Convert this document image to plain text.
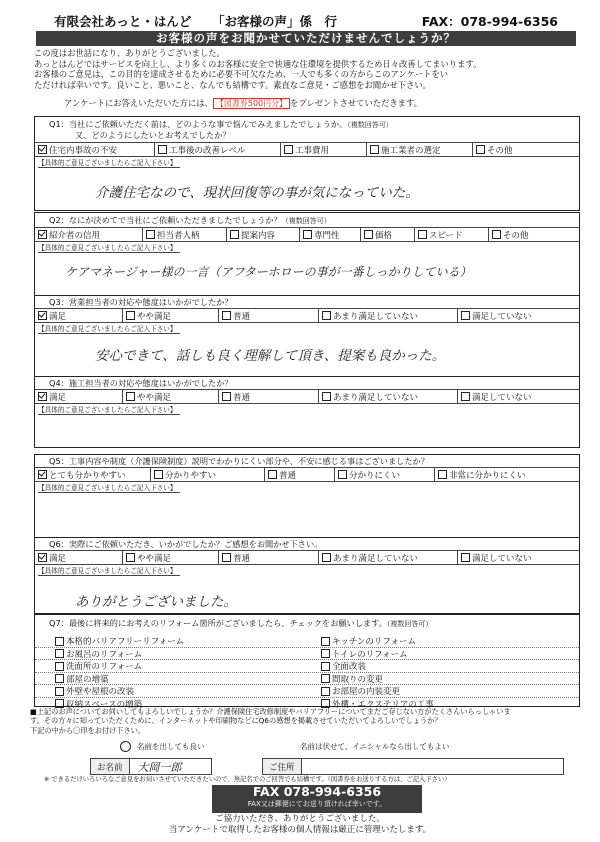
有限会社あっと・はんど 「お客様の声」係　行	FAX：078-994-6356
お客様の声をお聞かせていただけませんでしょうか？
この度はお世話になり、ありがとうございました。
あっとはんどではサービスを向上し、より多くのお客様に安全で快適な住環境を提供するため日々改善してまいります。
お客様のご意見は、この目的を達成させるために必要不可欠なため、一人でも多くの方からこのアンケートをい
ただければ幸いです。良いこと、悪いこと、なんでも結構です。素直なご意見・ご感想をお聞かせ下さい。
アンケートにお答えいただいた方には、 【図書券500円分】 をプレゼントさせていただきます。
Q1：当社にご依頼いただく前は、どのような事で悩んでみえましたでしょうか。（複数回答可）
又、どのようにしたいとお考えでしたか？
住宅内事故の不安	工事後の改善レベル	工事費用	施工業者の選定	その他
【具体的ご意見ございましたらご記入下さい】
介護住宅なので、現状回復等の事が気になっていた。
Q2：なにが決めてで当社にご依頼いただきましたでしょうか？（複数回答可）
紹介者の信用	担当者人柄	提案内容	専門性	価格	スピード	その他
【具体的ご意見ございましたらご記入下さい】
ケアマネージャー様の一言（アフターホローの事が一番しっかりしている）
Q3：営業担当者の対応や態度はいかがでしたか？
満足	やや満足	普通	あまり満足していない	満足していない
【具体的ご意見ございましたらご記入下さい】
安心できて、話しも良く理解して頂き、提案も良かった。
Q4：施工担当者の対応や態度はいかがでしたか？
満足	やや満足	普通	あまり満足していない	満足していない
【具体的ご意見ございましたらご記入下さい】
Q5：工事内容や制度（介護保険制度）説明でわかりにくい部分や、不安に感じる事はございましたか？
とても分かりやすい	分かりやすい	普通	分かりにくい	非常に分かりにくい
【具体的ご意見ございましたらご記入下さい】
Q6：実際にご依頼いただき、いかがでしたか？ご感想をお聞かせ下さい。
満足	やや満足	普通	あまり満足していない	満足していない
【具体的ご意見ございましたらご記入下さい】
ありがとうございました。
Q7：最後に将来的にお考えのリフォーム箇所がございましたら、チェックをお願いします。（複数回答可）
本格的バリアフリーリフォーム	キッチンのリフォーム
お風呂のリフォーム	トイレのリフォーム
洗面所のリフォーム	全面改装
部屋の増築	間取りの変更
外壁や屋根の改装	お部屋の内装変更
収納スペースの増築	外構・エクステリアの工事
■上記のお声についてお伺いしてもよろしいでしょうか？介護保険住宅改修制度やバリアフリーについてまだご存じない方がたくさんいらっしゃいま
す。その方々に知っていただくために、インターネットや印刷物などにQ6の感想を掲載させていただいてよろしいでしょうか？
下記の中から〇印をお付け下さい。
名前を出しても良い	名前は伏せて、イニシャルなら出してもよい
お名前	大岡一郎	ご住所
※ できるだけいろいろなご意見をお伺いさせていただきたいので、無記名でのご回答でも結構です。（図書券をお送りする方は、ご記入下さい）
FAX 078-994-6356
FAX又は郵便にてお送り頂ければ幸いです。
ご協力いただき、ありがとうございました。
当アンケートで取得したお客様の個人情報は厳正に管理いたします。
